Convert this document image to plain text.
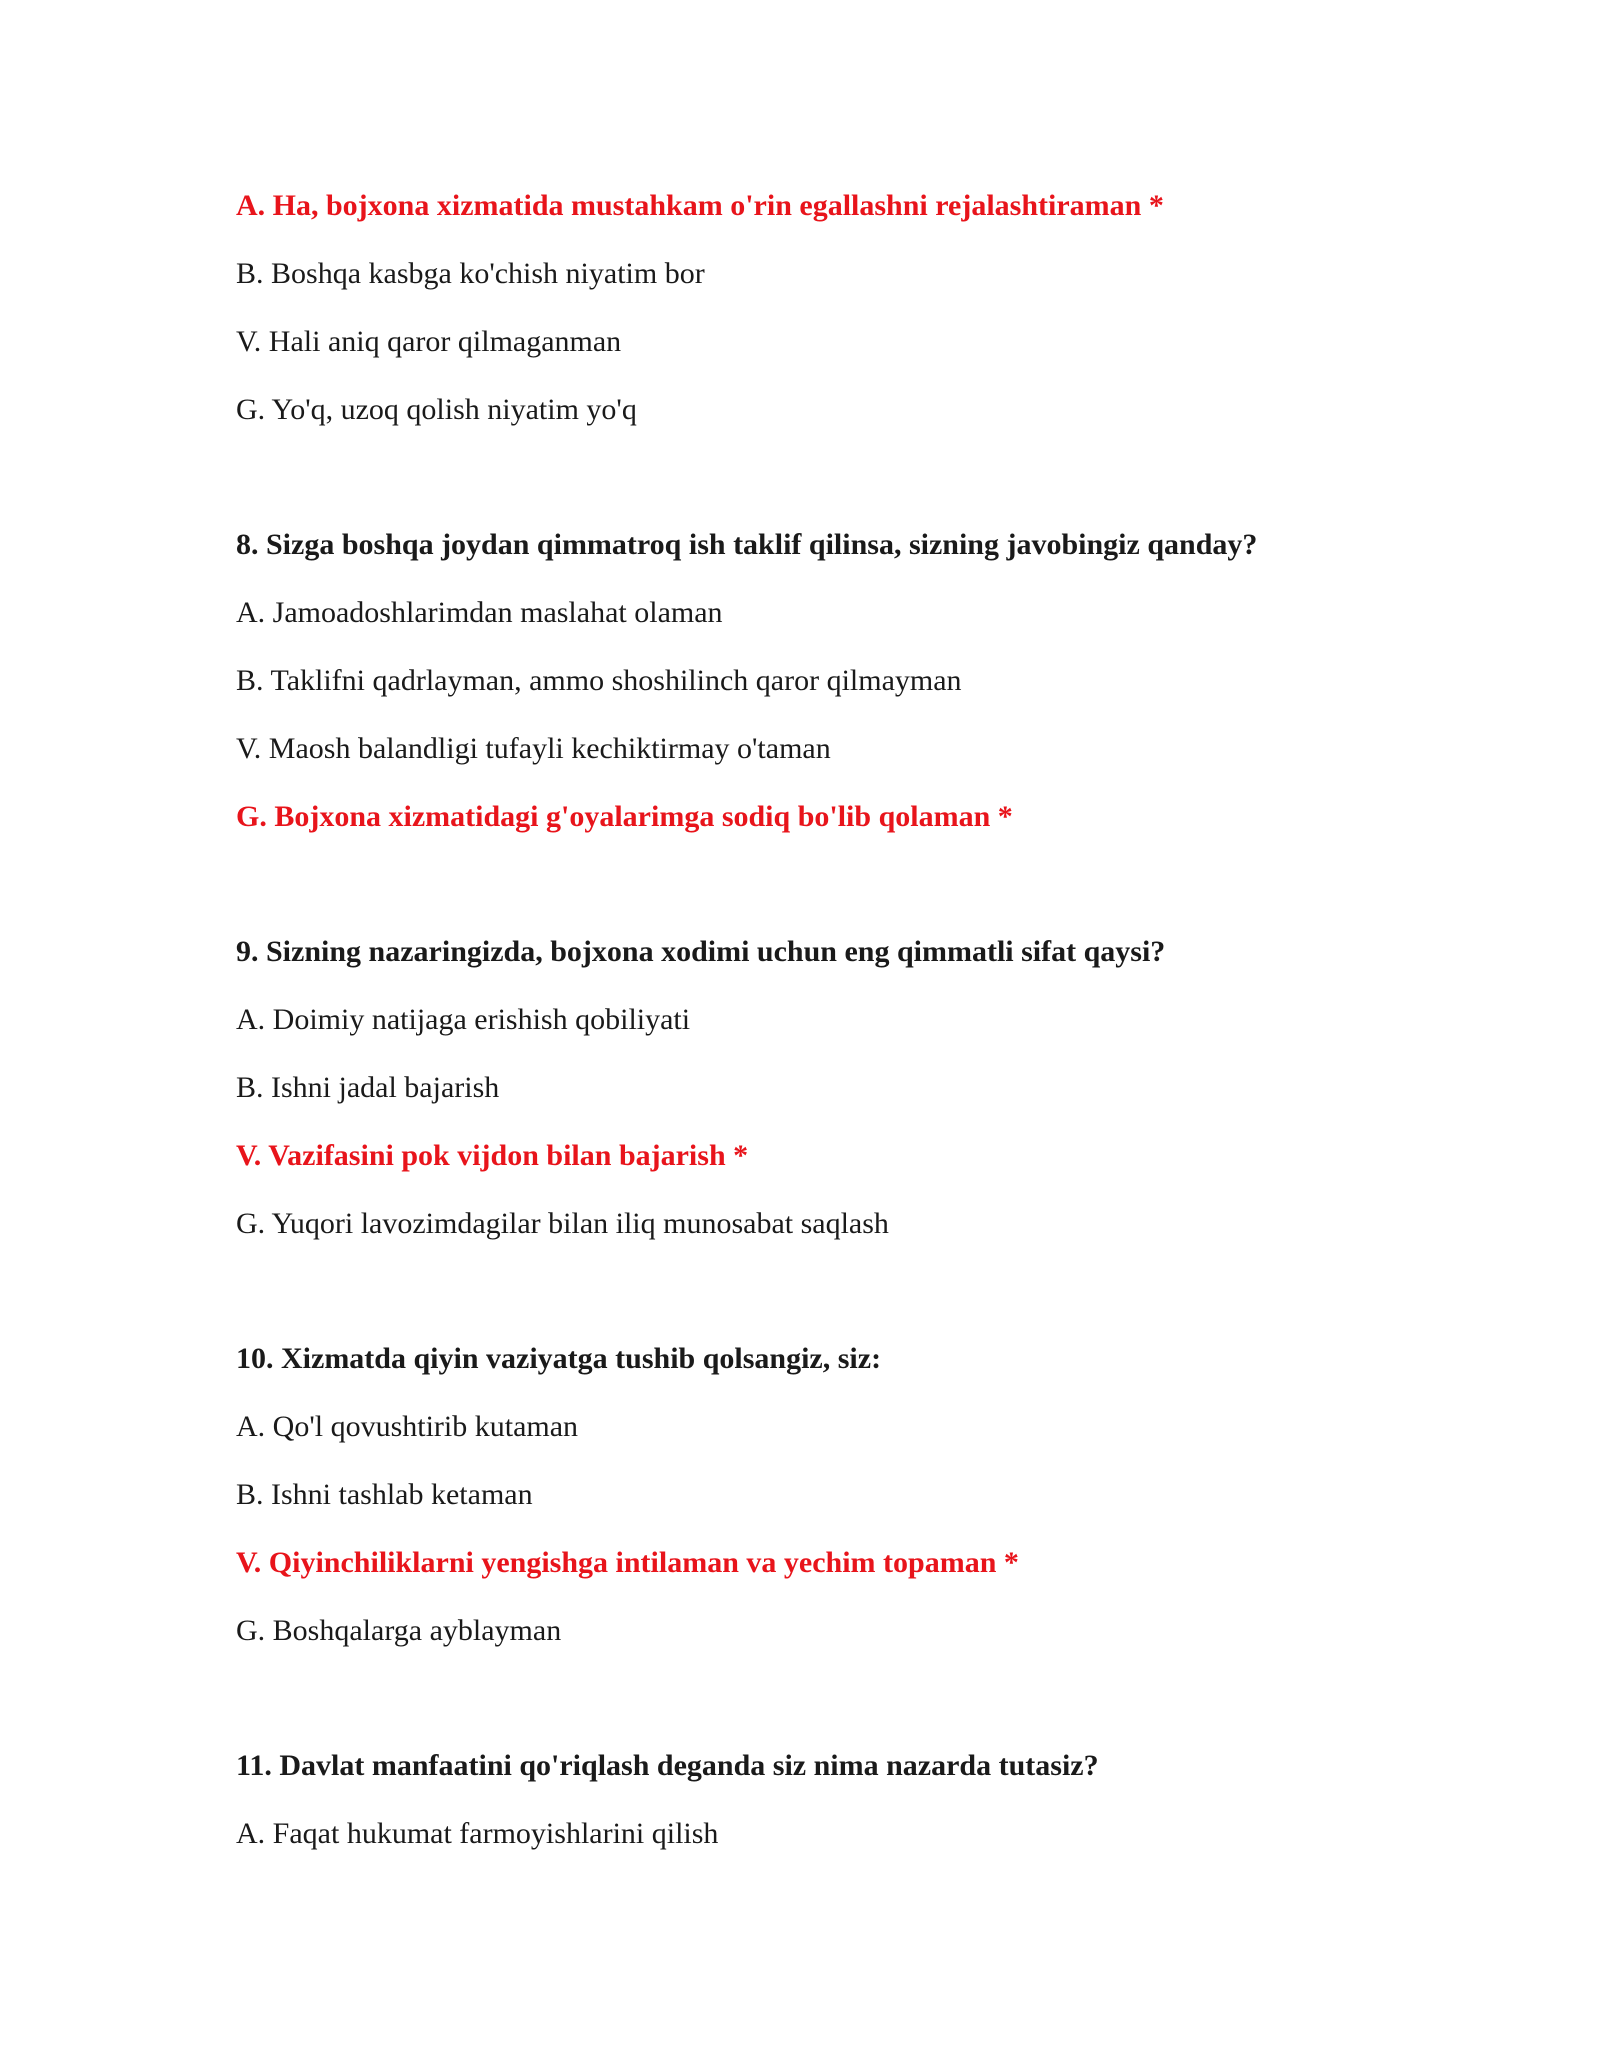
A. Ha, bojxona xizmatida mustahkam o'rin egallashni rejalashtiraman *

B. Boshqa kasbga ko'chish niyatim bor

V. Hali aniq qaror qilmaganman

G. Yo'q, uzoq qolish niyatim yo'q

8. Sizga boshqa joydan qimmatroq ish taklif qilinsa, sizning javobingiz qanday?

A. Jamoadoshlarimdan maslahat olaman

B. Taklifni qadrlayman, ammo shoshilinch qaror qilmayman

V. Maosh balandligi tufayli kechiktirmay o'taman

G. Bojxona xizmatidagi g'oyalarimga sodiq bo'lib qolaman *

9. Sizning nazaringizda, bojxona xodimi uchun eng qimmatli sifat qaysi?

A. Doimiy natijaga erishish qobiliyati

B. Ishni jadal bajarish

V. Vazifasini pok vijdon bilan bajarish *

G. Yuqori lavozimdagilar bilan iliq munosabat saqlash

10. Xizmatda qiyin vaziyatga tushib qolsangiz, siz:

A. Qo'l qovushtirib kutaman

B. Ishni tashlab ketaman

V. Qiyinchiliklarni yengishga intilaman va yechim topaman *

G. Boshqalarga ayblayman

11. Davlat manfaatini qo'riqlash deganda siz nima nazarda tutasiz?

A. Faqat hukumat farmoyishlarini qilish
